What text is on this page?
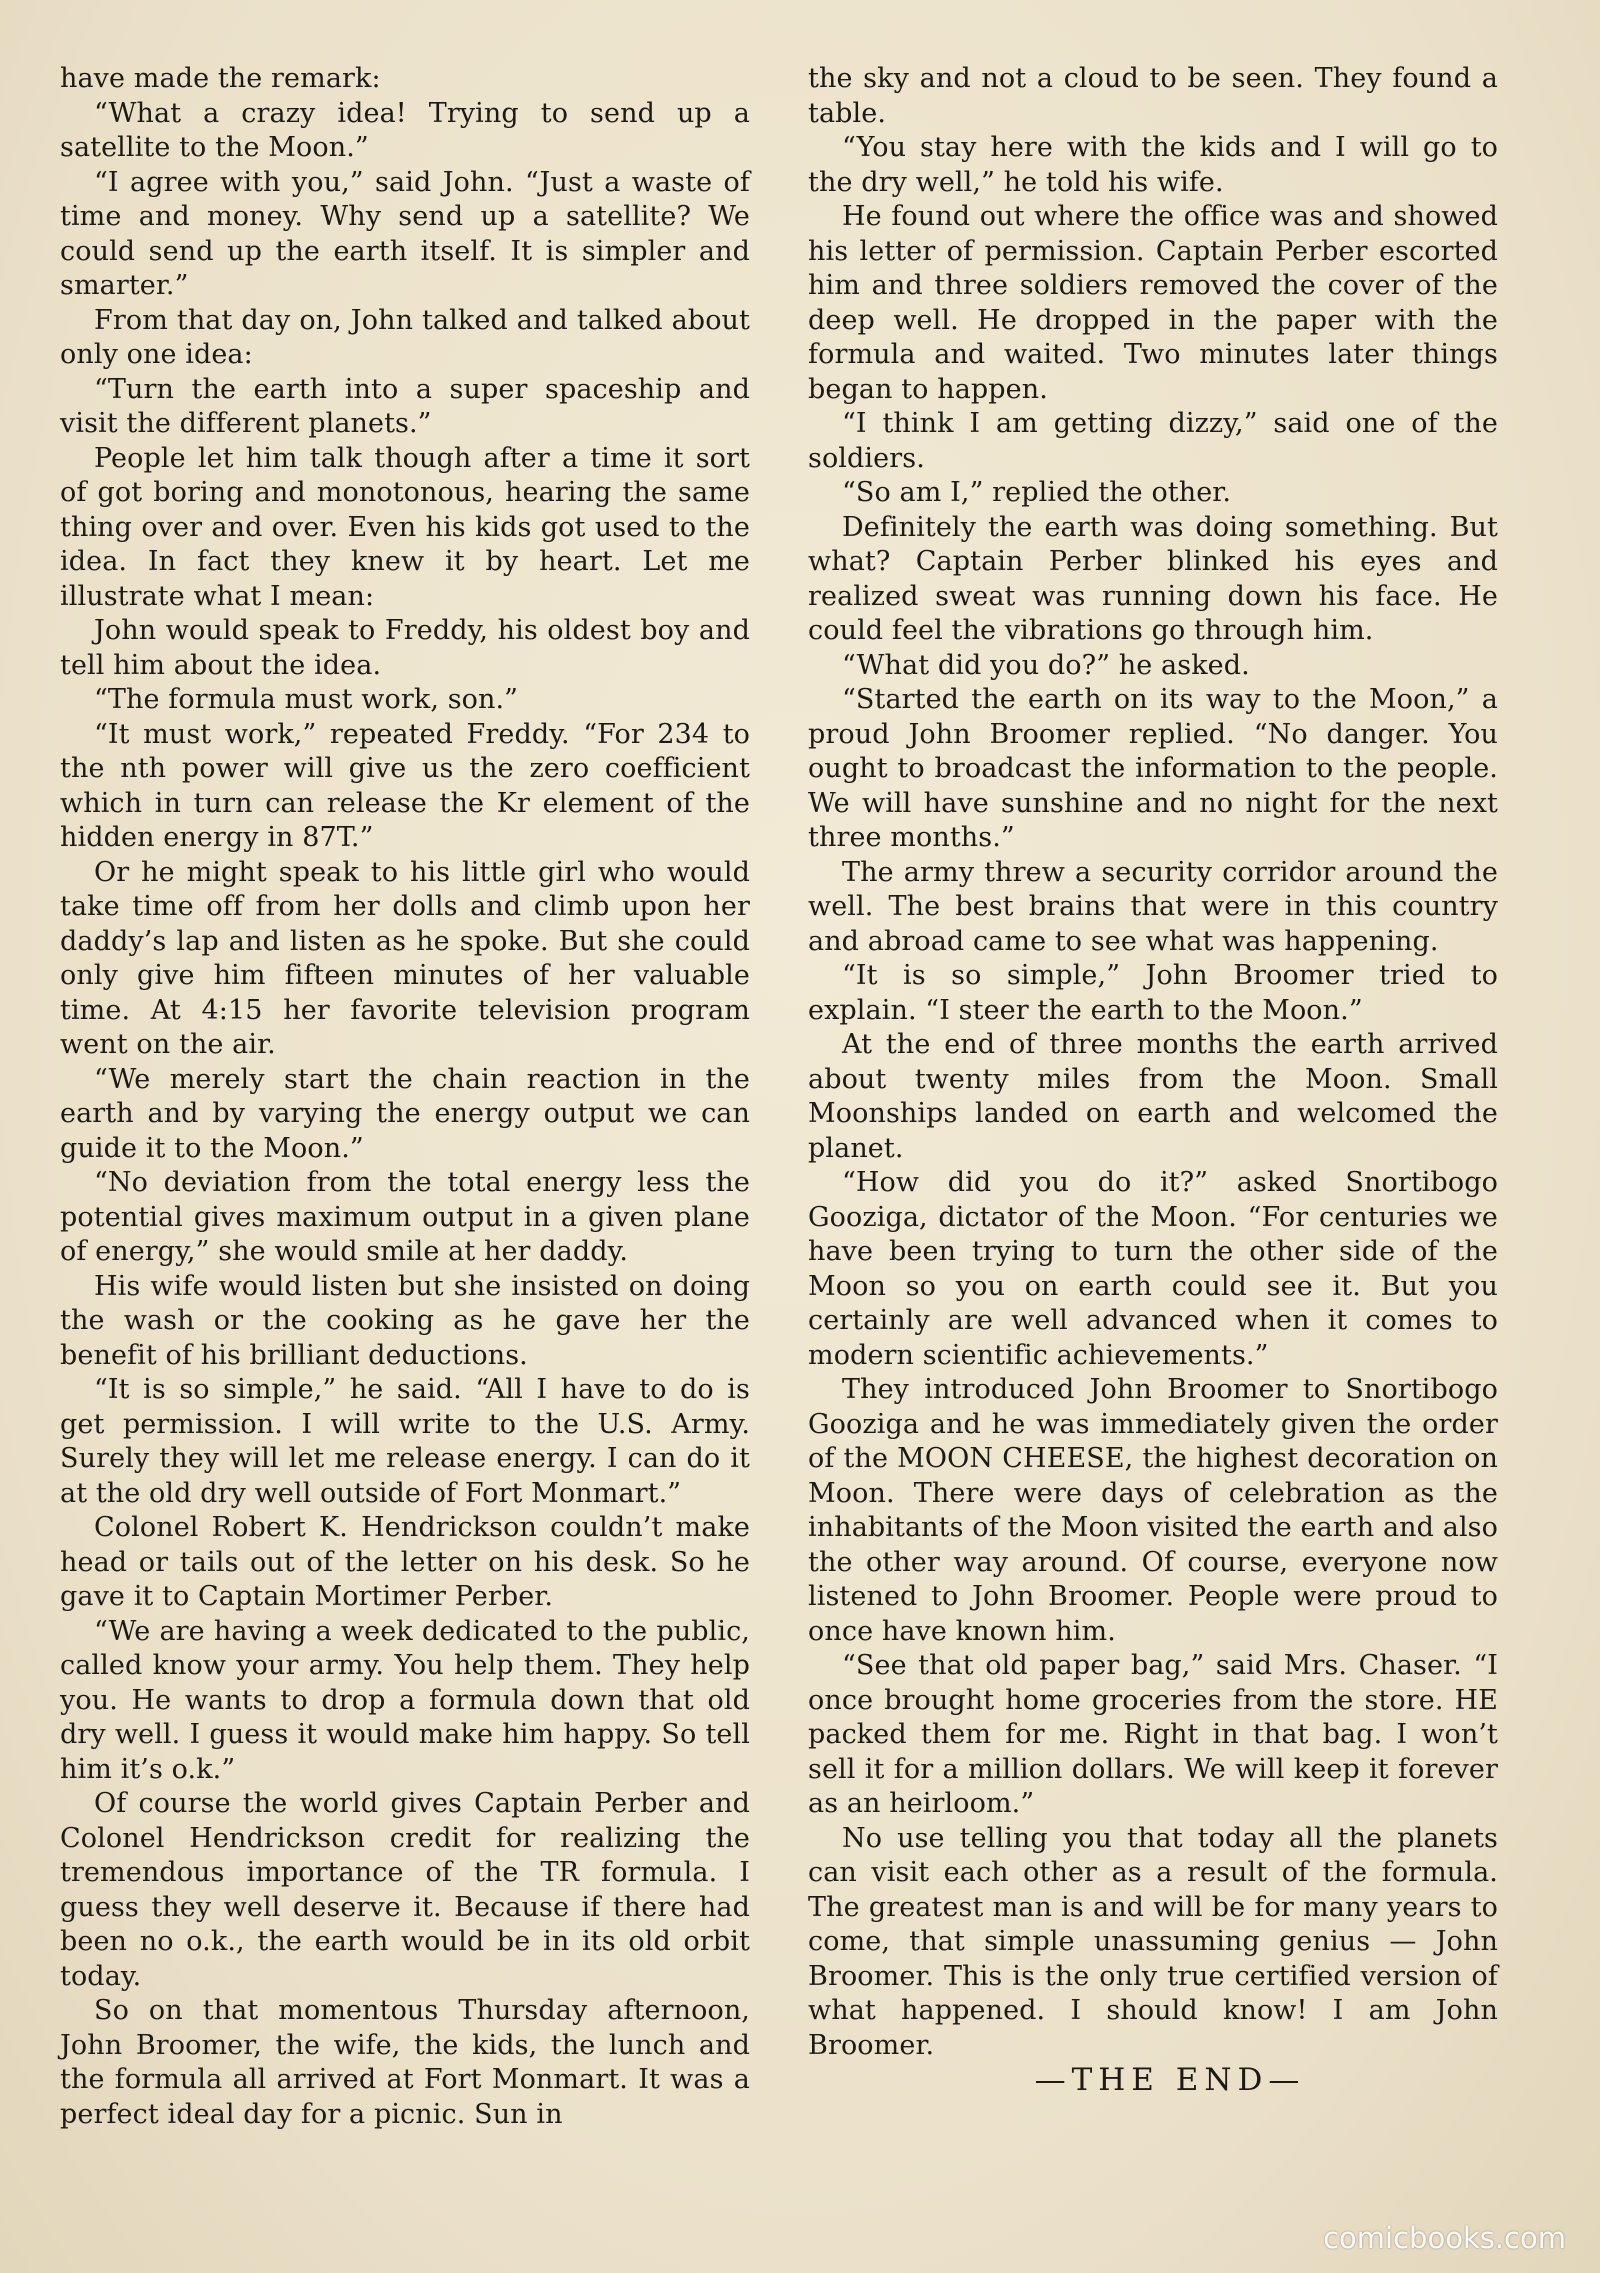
have made the remark:

“What a crazy idea! Trying to send up a satellite to the Moon.”

“I agree with you,” said John. “Just a waste of time and money. Why send up a satellite? We could send up the earth itself. It is simpler and smarter.”

From that day on, John talked and talked about only one idea:

“Turn the earth into a super spaceship and visit the different planets.”

People let him talk though after a time it sort of got boring and monotonous, hearing the same thing over and over. Even his kids got used to the idea. In fact they knew it by heart. Let me illustrate what I mean:

John would speak to Freddy, his oldest boy and tell him about the idea.

“The formula must work, son.”

“It must work,” repeated Freddy. “For 234 to the nth power will give us the zero coefficient which in turn can release the Kr element of the hidden energy in 87T.”

Or he might speak to his little girl who would take time off from her dolls and climb upon her daddy’s lap and listen as he spoke. But she could only give him fifteen minutes of her valuable time. At 4:15 her favorite television program went on the air.

“We merely start the chain reaction in the earth and by varying the energy output we can guide it to the Moon.”

“No deviation from the total energy less the potential gives maximum output in a given plane of energy,” she would smile at her daddy.

His wife would listen but she insisted on doing the wash or the cooking as he gave her the benefit of his brilliant deductions.

“It is so simple,” he said. “All I have to do is get permission. I will write to the U.S. Army. Surely they will let me release energy. I can do it at the old dry well outside of Fort Monmart.”

Colonel Robert K. Hendrickson couldn’t make head or tails out of the letter on his desk. So he gave it to Captain Mortimer Perber.

“We are having a week dedicated to the public, called know your army. You help them. They help you. He wants to drop a formula down that old dry well. I guess it would make him happy. So tell him it’s o.k.”

Of course the world gives Captain Perber and Colonel Hendrickson credit for realizing the tremendous importance of the TR formula. I guess they well deserve it. Because if there had been no o.k., the earth would be in its old orbit today.

So on that momentous Thursday afternoon, John Broomer, the wife, the kids, the lunch and the formula all arrived at Fort Monmart. It was a perfect ideal day for a picnic. Sun in

the sky and not a cloud to be seen. They found a table.

“You stay here with the kids and I will go to the dry well,” he told his wife.

He found out where the office was and showed his letter of permission. Captain Perber escorted him and three soldiers removed the cover of the deep well. He dropped in the paper with the formula and waited. Two minutes later things began to happen.

“I think I am getting dizzy,” said one of the soldiers.

“So am I,” replied the other.

Definitely the earth was doing something. But what? Captain Perber blinked his eyes and realized sweat was running down his face. He could feel the vibrations go through him.

“What did you do?” he asked.

“Started the earth on its way to the Moon,” a proud John Broomer replied. “No danger. You ought to broadcast the information to the people. We will have sunshine and no night for the next three months.”

The army threw a security corridor around the well. The best brains that were in this country and abroad came to see what was happening.

“It is so simple,” John Broomer tried to explain. “I steer the earth to the Moon.”

At the end of three months the earth arrived about twenty miles from the Moon. Small Moonships landed on earth and welcomed the planet.

“How did you do it?” asked Snortibogo Gooziga, dictator of the Moon. “For centuries we have been trying to turn the other side of the Moon so you on earth could see it. But you certainly are well advanced when it comes to modern scientific achievements.”

They introduced John Broomer to Snortibogo Gooziga and he was immediately given the order of the MOON CHEESE, the highest decoration on Moon. There were days of celebration as the inhabitants of the Moon visited the earth and also the other way around. Of course, everyone now listened to John Broomer. People were proud to once have known him.

“See that old paper bag,” said Mrs. Chaser. “I once brought home groceries from the store. HE packed them for me. Right in that bag. I won’t sell it for a million dollars. We will keep it forever as an heirloom.”

No use telling you that today all the planets can visit each other as a result of the formula. The greatest man is and will be for many years to come, that simple unassuming genius — John Broomer. This is the only true certified version of what happened. I should know! I am John Broomer.

—THE END—

comicbooks.com
